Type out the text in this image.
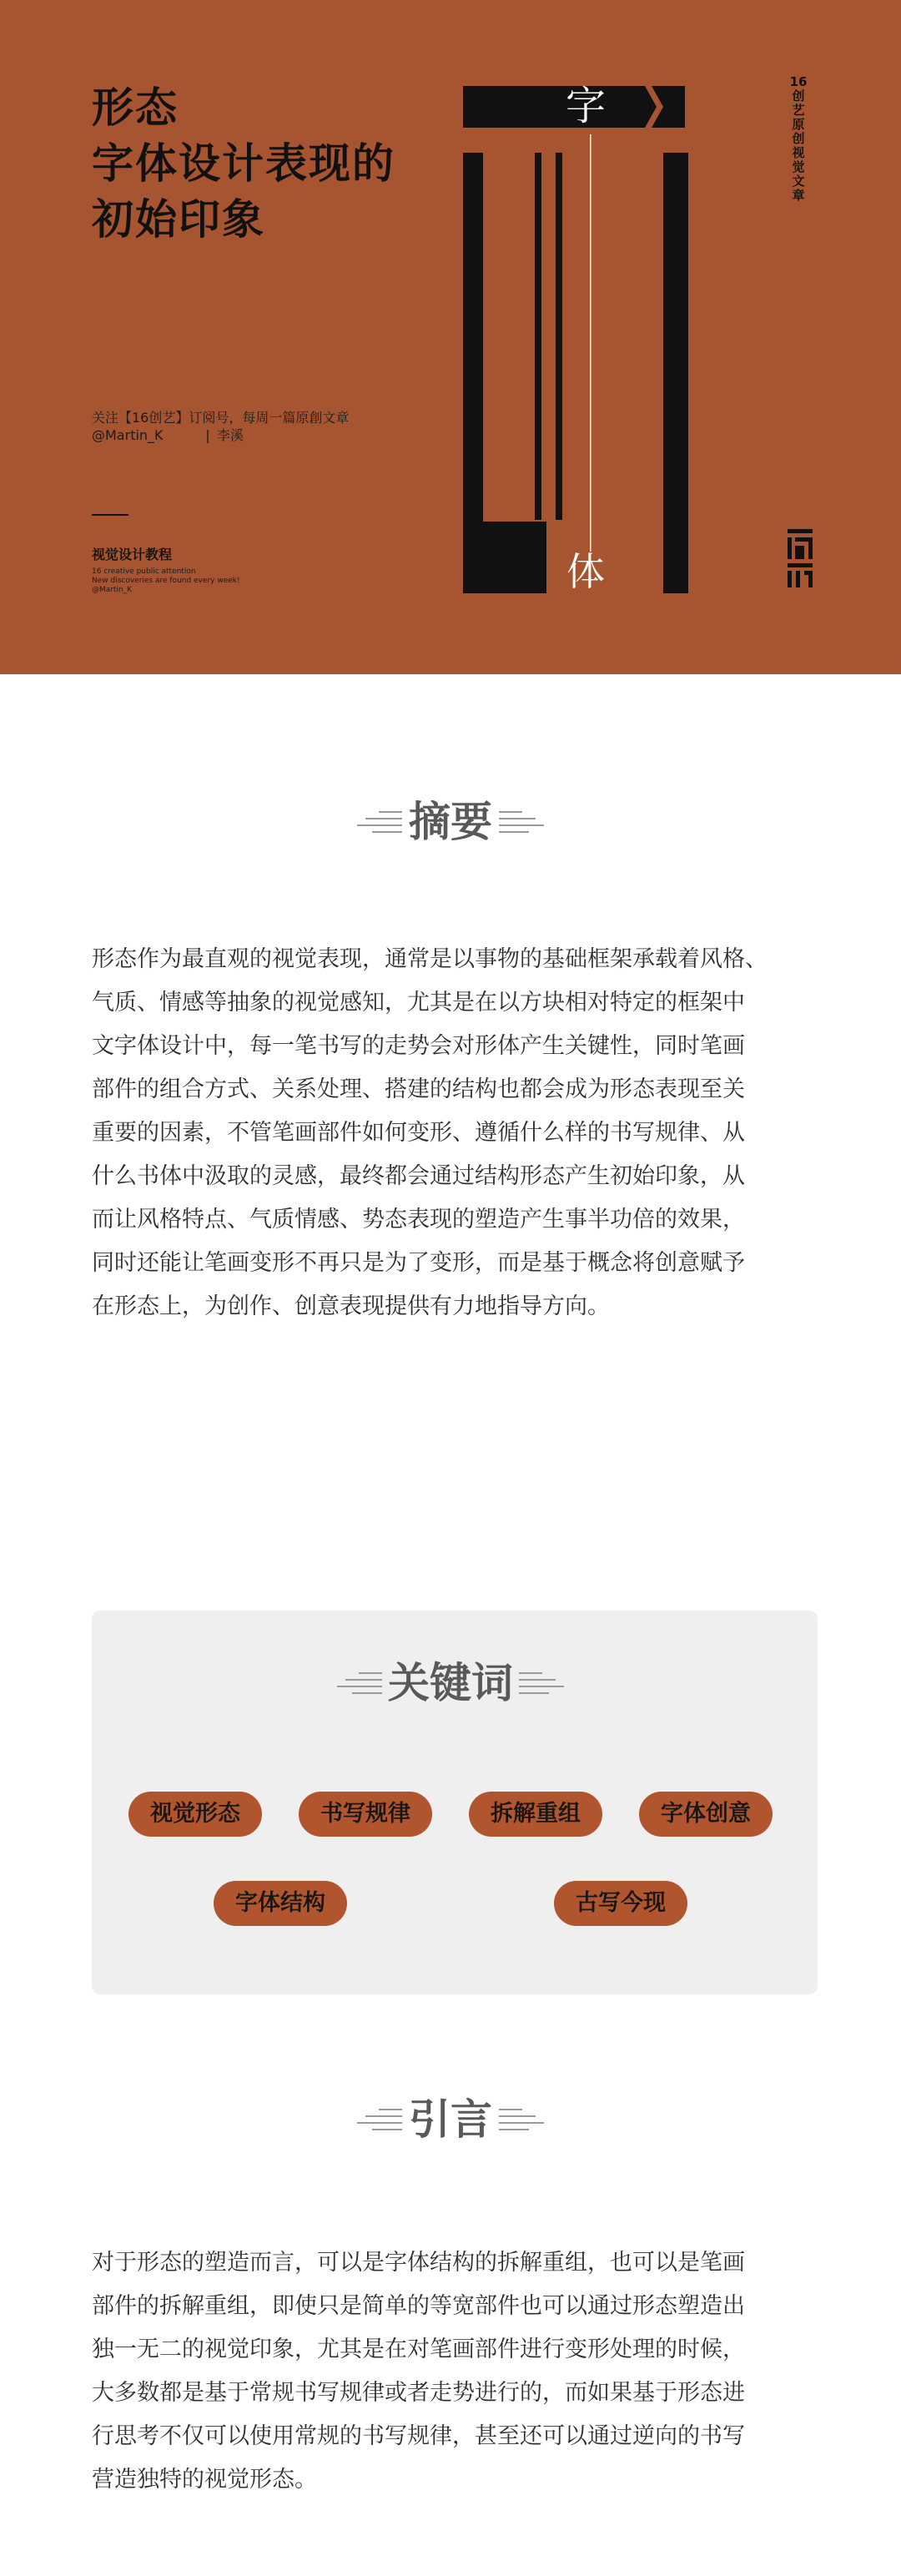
形态
字体设计表现的
初始印象
字
体
16创艺原创视觉文章
关注【16创艺】订阅号，每周一篇原創文章
@Martin_K	| 李溪
视觉设计教程
16 creative public attention
New discoveries are found every week!
@Martin_K
摘要
形态作为最直观的视觉表现，通常是以事物的基础框架承载着风格、
气质、情感等抽象的视觉感知，尤其是在以方块相对特定的框架中
文字体设计中，每一笔书写的走势会对形体产生关键性，同时笔画
部件的组合方式、关系处理、搭建的结构也都会成为形态表现至关
重要的因素，不管笔画部件如何变形、遵循什么样的书写规律、从
什么书体中汲取的灵感，最终都会通过结构形态产生初始印象，从
而让风格特点、气质情感、势态表现的塑造产生事半功倍的效果，
同时还能让笔画变形不再只是为了变形，而是基于概念将创意赋予
在形态上，为创作、创意表现提供有力地指导方向。
关键词
视觉形态	书写规律	拆解重组	字体创意
字体结构	古写今现
引言
对于形态的塑造而言，可以是字体结构的拆解重组，也可以是笔画
部件的拆解重组，即使只是简单的等宽部件也可以通过形态塑造出
独一无二的视觉印象，尤其是在对笔画部件进行变形处理的时候，
大多数都是基于常规书写规律或者走势进行的，而如果基于形态进
行思考不仅可以使用常规的书写规律，甚至还可以通过逆向的书写
营造独特的视觉形态。
